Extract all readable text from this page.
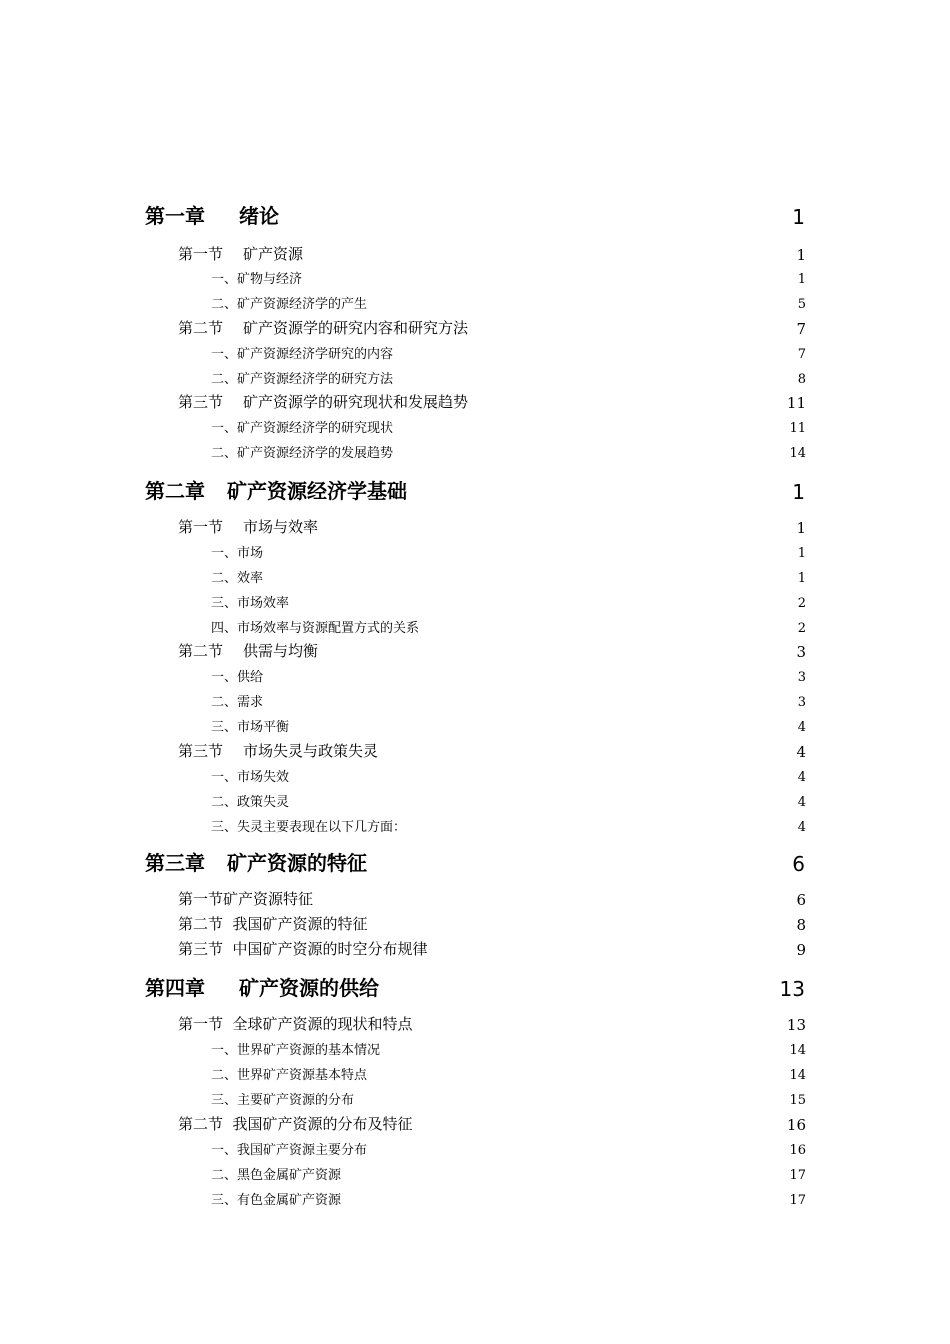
第一章 绪论	1
第一节 矿产资源	1
一、矿物与经济	1
二、矿产资源经济学的产生	5
第二节 矿产资源学的研究内容和研究方法	7
一、矿产资源经济学研究的内容	7
二、矿产资源经济学的研究方法	8
第三节 矿产资源学的研究现状和发展趋势	11
一、矿产资源经济学的研究现状	11
二、矿产资源经济学的发展趋势	14
第二章 矿产资源经济学基础	1
第一节 市场与效率	1
一、市场	1
二、效率	1
三、市场效率	2
四、市场效率与资源配置方式的关系	2
第二节 供需与均衡	3
一、供给	3
二、需求	3
三、市场平衡	4
第三节 市场失灵与政策失灵	4
一、市场失效	4
二、政策失灵	4
三、失灵主要表现在以下几方面：	4
第三章 矿产资源的特征	6
第一节矿产资源特征	6
第二节  我国矿产资源的特征	8
第三节  中国矿产资源的时空分布规律	9
第四章 矿产资源的供给	13
第一节  全球矿产资源的现状和特点	13
一、世界矿产资源的基本情况	14
二、世界矿产资源基本特点	14
三、主要矿产资源的分布	15
第二节  我国矿产资源的分布及特征	16
一、我国矿产资源主要分布	16
二、黑色金属矿产资源	17
三、有色金属矿产资源	17
